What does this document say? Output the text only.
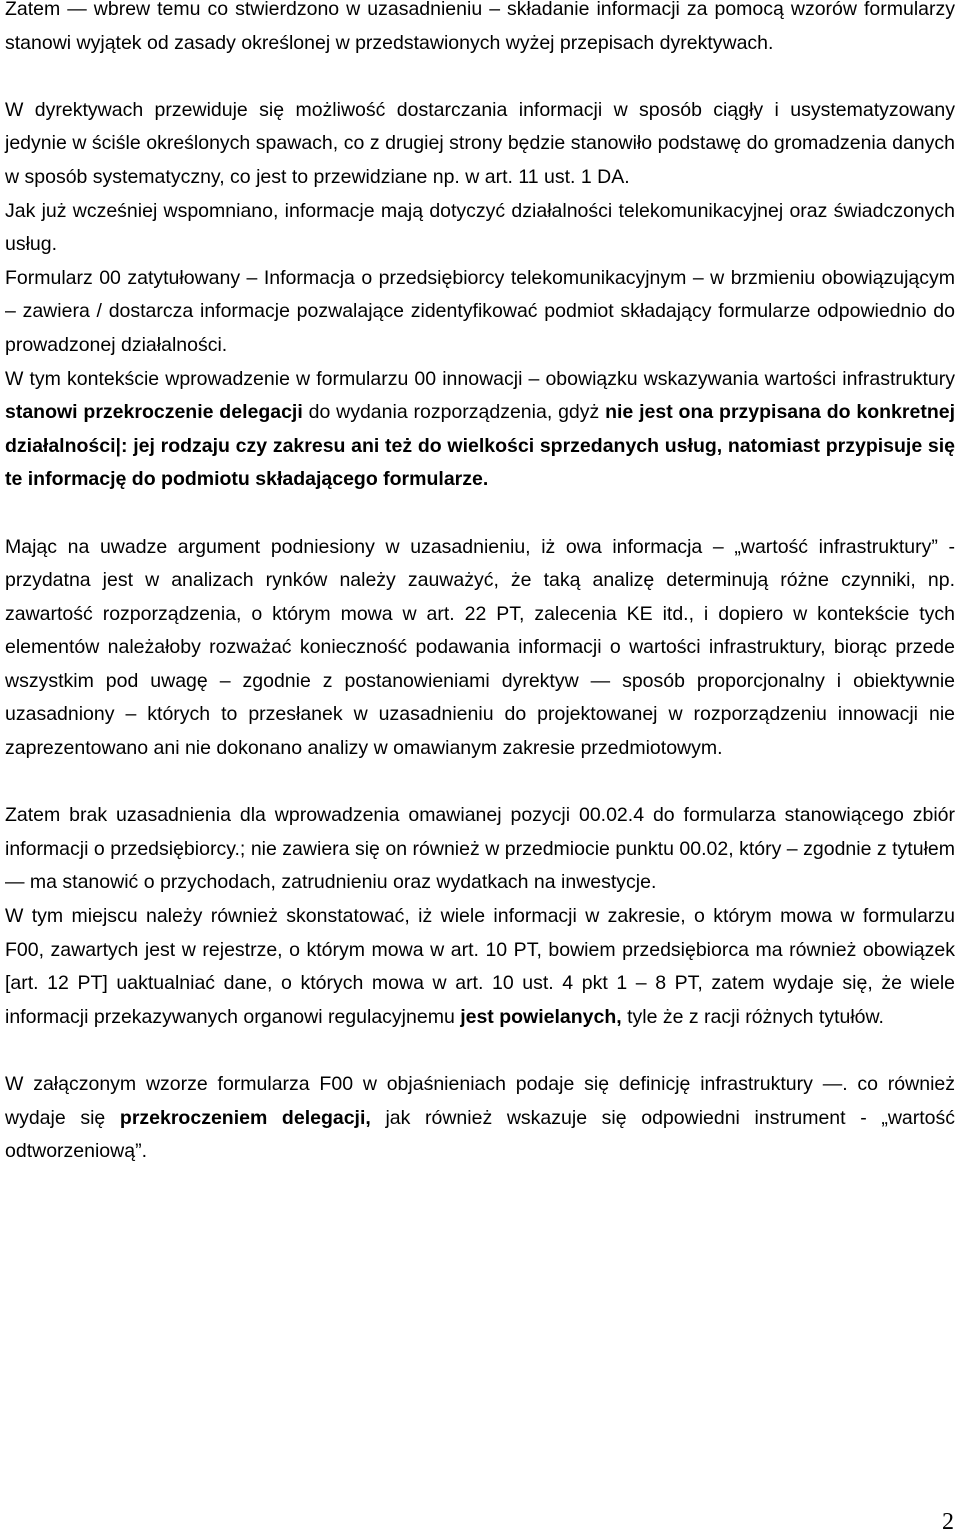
Zatem — wbrew temu co stwierdzono w uzasadnieniu – składanie informacji za pomocą wzorów formularzy stanowi wyjątek od zasady określonej w przedstawionych wyżej przepisach dyrektywach.

W dyrektywach przewiduje się możliwość dostarczania informacji w sposób ciągły i usystematyzowany jedynie w ściśle określonych spawach, co z drugiej strony będzie stanowiło podstawę do gromadzenia danych w sposób systematyczny, co jest to przewidziane np. w art. 11 ust. 1 DA.

Jak już wcześniej wspomniano, informacje mają dotyczyć działalności telekomunikacyjnej oraz świadczonych usług.

Formularz 00 zatytułowany – Informacja o przedsiębiorcy telekomunikacyjnym – w brzmieniu obowiązującym – zawiera / dostarcza informacje pozwalające zidentyfikować podmiot składający formularze odpowiednio do prowadzonej działalności.

W tym kontekście wprowadzenie w formularzu 00 innowacji – obowiązku wskazywania wartości infrastruktury stanowi przekroczenie delegacji do wydania rozporządzenia, gdyż nie jest ona przypisana do konkretnej działalności|: jej rodzaju czy zakresu ani też do wielkości sprzedanych usług, natomiast przypisuje się te informację do podmiotu składającego formularze.

Mając na uwadze argument podniesiony w uzasadnieniu, iż owa informacja – „wartość infrastruktury” - przydatna jest w analizach rynków należy zauważyć, że taką analizę determinują różne czynniki, np. zawartość rozporządzenia, o którym mowa w art. 22 PT, zalecenia KE itd., i dopiero w kontekście tych elementów należałoby rozważać konieczność podawania informacji o wartości infrastruktury, biorąc przede wszystkim pod uwagę – zgodnie z postanowieniami dyrektyw — sposób proporcjonalny i obiektywnie uzasadniony – których to przesłanek w uzasadnieniu do projektowanej w rozporządzeniu innowacji nie zaprezentowano ani nie dokonano analizy w omawianym zakresie przedmiotowym.

Zatem brak uzasadnienia dla wprowadzenia omawianej pozycji 00.02.4 do formularza stanowiącego zbiór informacji o przedsiębiorcy.; nie zawiera się on również w przedmiocie punktu 00.02, który – zgodnie z tytułem — ma stanowić o przychodach, zatrudnieniu oraz wydatkach na inwestycje.

W tym miejscu należy również skonstatować, iż wiele informacji w zakresie, o którym mowa w formularzu F00, zawartych jest w rejestrze, o którym mowa w art. 10 PT, bowiem przedsiębiorca ma również obowiązek [art. 12 PT] uaktualniać dane, o których mowa w art. 10 ust. 4 pkt 1 – 8 PT, zatem wydaje się, że wiele informacji przekazywanych organowi regulacyjnemu jest powielanych, tyle że z racji różnych tytułów.

W załączonym wzorze formularza F00 w objaśnieniach podaje się definicję infrastruktury —. co również wydaje się przekroczeniem delegacji, jak również wskazuje się odpowiedni instrument - „wartość odtworzeniową”.

2
